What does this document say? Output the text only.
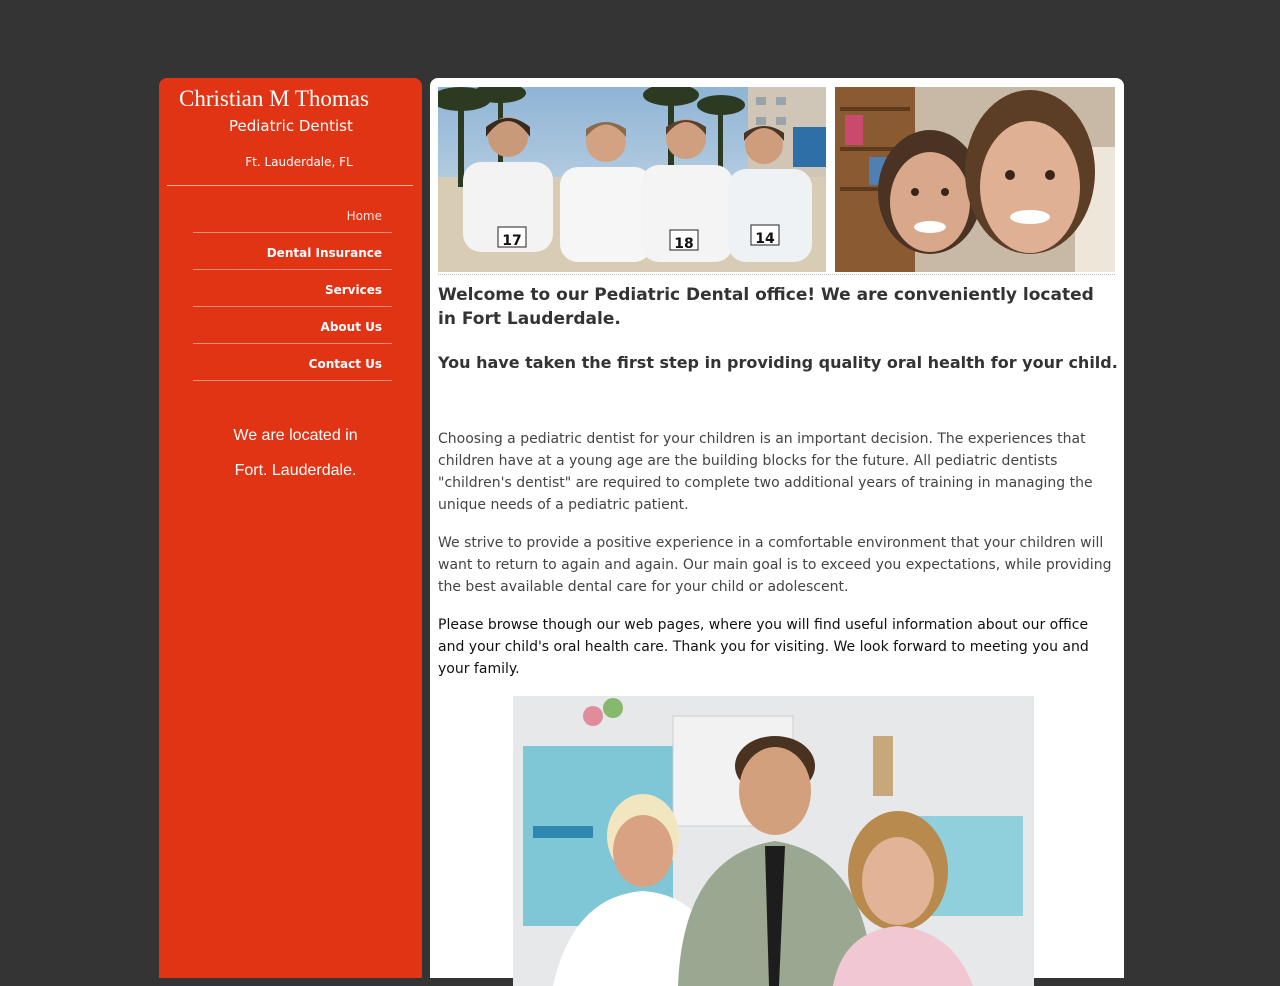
Christian M Thomas
Pediatric Dentist
Ft. Lauderdale, FL
Home
Dental Insurance
Services
About Us
Contact Us
We are located in
Fort. Lauderdale.
17	18	14
Welcome to our Pediatric Dental office! We are conveniently located in Fort Lauderdale.
You have taken the first step in providing quality oral health for your child.

Choosing a pediatric dentist for your children is an important decision. The experiences that children have at a young age are the building blocks for the future. All pediatric dentists "children's dentist" are required to complete two additional years of training in managing the unique needs of a pediatric patient.

We strive to provide a positive experience in a comfortable environment that your children will want to return to again and again. Our main goal is to exceed you expectations, while providing the best available dental care for your child or adolescent.

Please browse though our web pages, where you will find useful information about our office and your child's oral health care. Thank you for visiting. We look forward to meeting you and your family.
